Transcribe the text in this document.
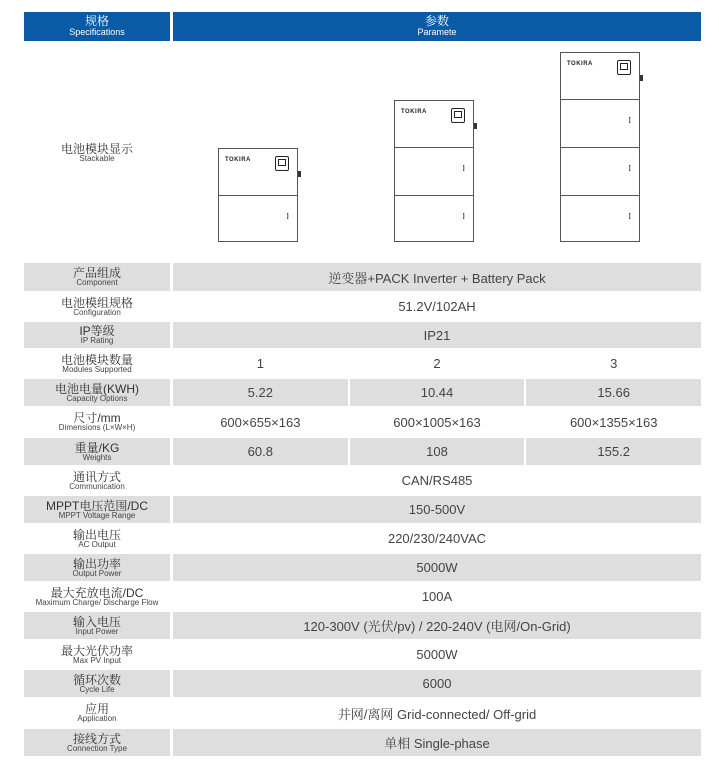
规格
Specifications
参数
Paramete
电池模块显示
Stackable	TOKIRA
⁞
TOKIRA
⁞
⁞
TOKIRA
⁞
⁞
⁞
产品组成
Component	逆变器+PACK Inverter + Battery Pack
电池模组规格
Configuration	51.2V/102AH
IP等级
IP Rating	IP21
电池模块数量
Modules Supported	1	2	3
电池电量(KWH)
Capacity Options	5.22	10.44	15.66
尺寸/mm
Dimensions (L×W×H)	600×655×163	600×1005×163	600×1355×163
重量/KG
Weights	60.8	108	155.2
通讯方式
Communication	CAN/RS485
MPPT电压范围/DC
MPPT Voltage Range	150-500V
输出电压
AC Output	220/230/240VAC
输出功率
Output Power	5000W
最大充放电流/DC
Maximum Charge/ Discharge Flow	100A
输入电压
Input Power	120-300V (光伏/pv) / 220-240V (电网/On-Grid)
最大光伏功率
Max PV Input	5000W
循环次数
Cycle Life	6000
应用
Application	并网/离网 Grid-connected/ Off-grid
接线方式
Connection Type	单相 Single-phase
